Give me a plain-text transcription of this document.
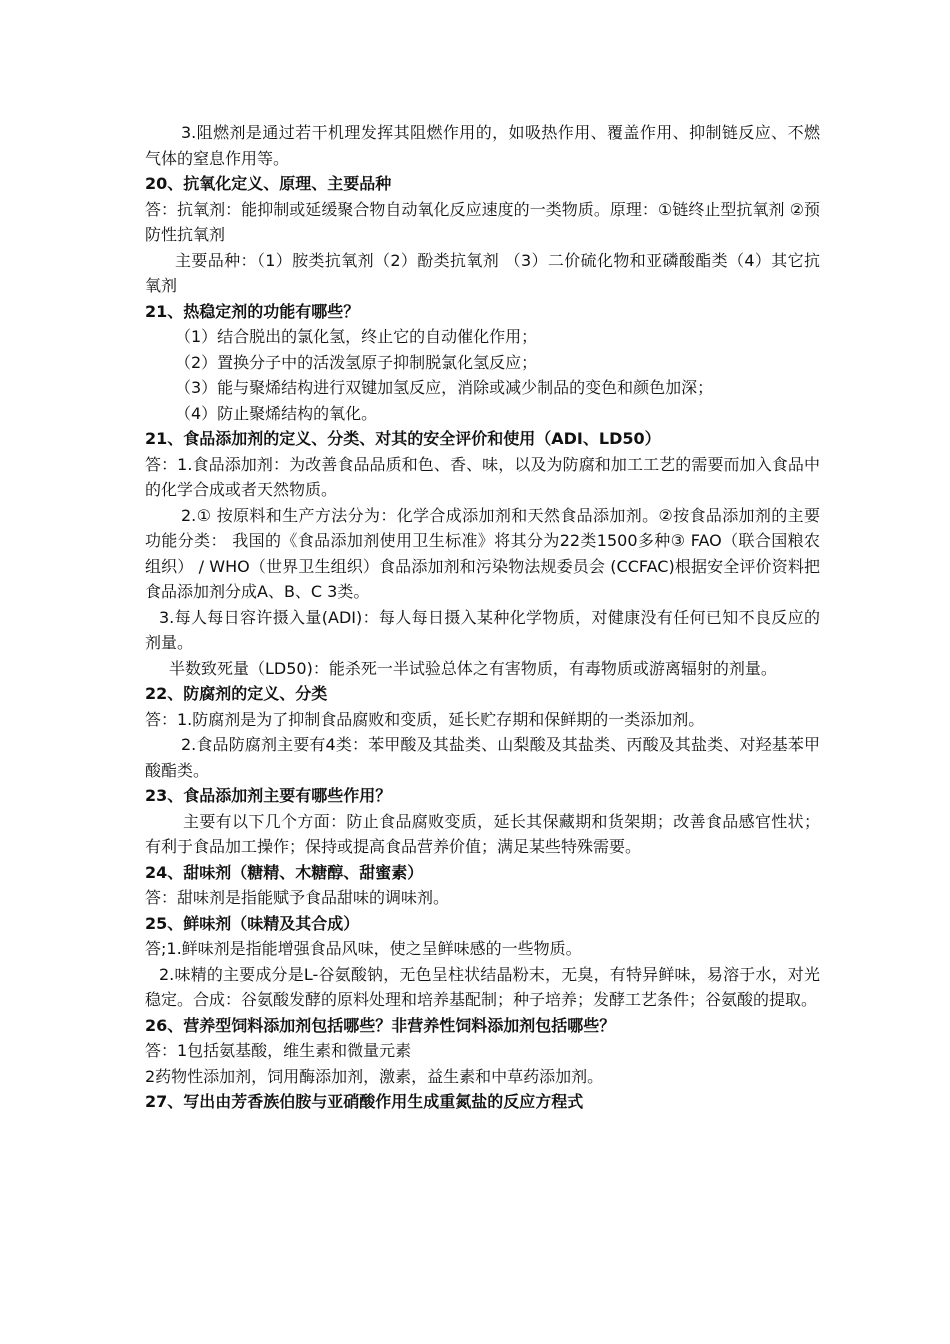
3.阻燃剂是通过若干机理发挥其阻燃作用的，如吸热作用、覆盖作用、抑制链反应、不燃气体的窒息作用等。

20、抗氧化定义、原理、主要品种

答：抗氧剂：能抑制或延缓聚合物自动氧化反应速度的一类物质。原理：①链终止型抗氧剂 ②预防性抗氧剂

主要品种：（1）胺类抗氧剂（2）酚类抗氧剂 （3）二价硫化物和亚磷酸酯类（4）其它抗氧剂

21、热稳定剂的功能有哪些？

（1）结合脱出的氯化氢，终止它的自动催化作用；

（2）置换分子中的活泼氢原子抑制脱氯化氢反应；

（3）能与聚烯结构进行双键加氢反应，消除或减少制品的变色和颜色加深；

（4）防止聚烯结构的氧化。

21、食品添加剂的定义、分类、对其的安全评价和使用（ADI、LD50）

答：1.食品添加剂：为改善食品品质和色、香、味，以及为防腐和加工工艺的需要而加入食品中的化学合成或者天然物质。

2.① 按原料和生产方法分为：化学合成添加剂和天然食品添加剂。②按食品添加剂的主要功能分类： 我国的《食品添加剂使用卫生标准》将其分为22类1500多种③ FAO（联合国粮农组织） / WHO（世界卫生组织）食品添加剂和污染物法规委员会 (CCFAC)根据安全评价资料把食品添加剂分成A、B、C 3类。

3.每人每日容许摄入量(ADI)：每人每日摄入某种化学物质，对健康没有任何已知不良反应的剂量。

半数致死量（LD50)：能杀死一半试验总体之有害物质，有毒物质或游离辐射的剂量。

22、防腐剂的定义、分类

答：1.防腐剂是为了抑制食品腐败和变质，延长贮存期和保鲜期的一类添加剂。

2.食品防腐剂主要有4类：苯甲酸及其盐类、山梨酸及其盐类、丙酸及其盐类、对羟基苯甲酸酯类。

23、食品添加剂主要有哪些作用？

主要有以下几个方面：防止食品腐败变质，延长其保藏期和货架期；改善食品感官性状；有利于食品加工操作；保持或提高食品营养价值；满足某些特殊需要。

24、甜味剂（糖精、木糖醇、甜蜜素）

答：甜味剂是指能赋予食品甜味的调味剂。

25、鲜味剂（味精及其合成）

答;1.鲜味剂是指能增强食品风味，使之呈鲜味感的一些物质。

2.味精的主要成分是L-谷氨酸钠，无色呈柱状结晶粉末，无臭，有特异鲜味，易溶于水，对光稳定。合成：谷氨酸发酵的原料处理和培养基配制；种子培养；发酵工艺条件；谷氨酸的提取。

26、营养型饲料添加剂包括哪些？非营养性饲料添加剂包括哪些？

答：1包括氨基酸，维生素和微量元素

2药物性添加剂，饲用酶添加剂，激素，益生素和中草药添加剂。

27、写出由芳香族伯胺与亚硝酸作用生成重氮盐的反应方程式
